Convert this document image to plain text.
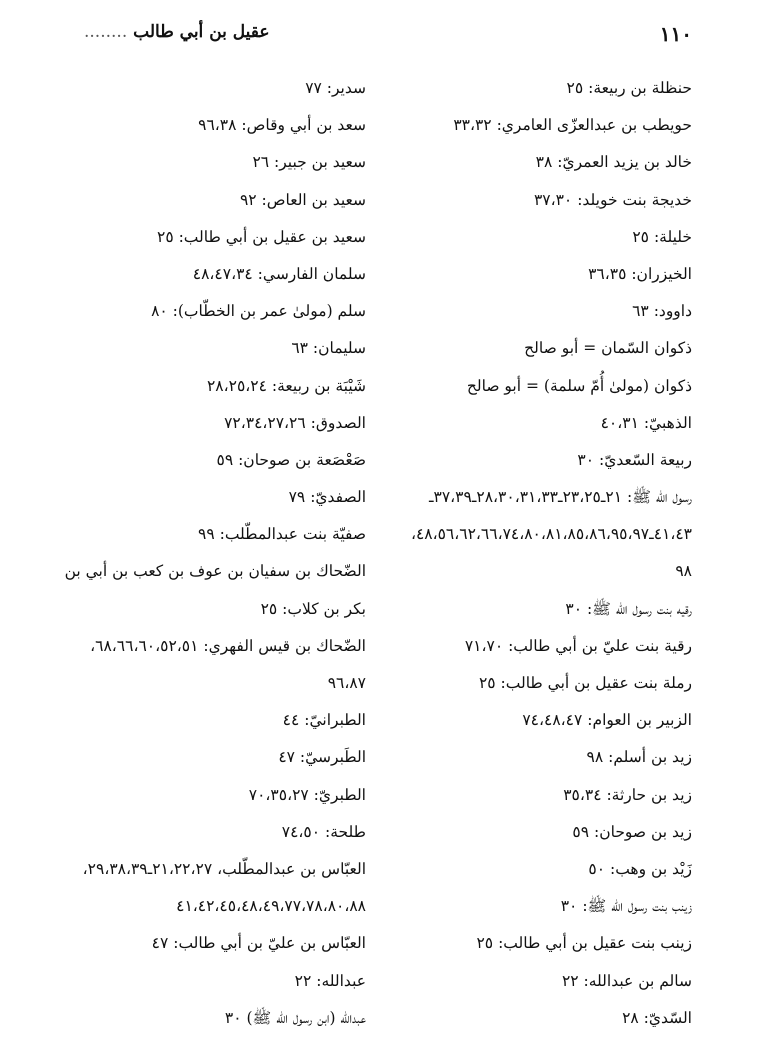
١١٠
عقيل بن أبي طالب ........
حنظلة بن ربيعة: ٢٥
حويطب بن عبدالعزّى العامري: ٣٣،٣٢
خالد بن يزيد العمريّ: ٣٨
خديجة بنت خويلد: ٣٧،٣٠
خليلة: ٢٥
الخيزران: ٣٦،٣٥
داوود: ٦٣
ذكوان السّمان = أبو صالح
ذكوان (مولىٰ أُمّ سلمة) = أبو صالح
الذهبيّ: ٤٠،٣١
ربيعة السّعديّ: ٣٠
رسول الله ﷺ: ٢١ـ٢٣،٢٥ـ٢٨،٣٠،٣١،٣٣ـ٣٧،٣٩ـ
٤١،٤٣ـ٤٨،٥٦،٦٢،٦٦،٧٤،٨٠،٨١،٨٥،٨٦،٩٥،٩٧،
٩٨
رقيه بنت رسول الله ﷺ: ٣٠
رقية بنت عليّ بن أبي طالب: ٧١،٧٠
رملة بنت عقيل بن أبي طالب: ٢٥
الزبير بن العوام: ٧٤،٤٨،٤٧
زيد بن أسلم: ٩٨
زيد بن حارثة: ٣٥،٣٤
زيد بن صوحان: ٥٩
زَيْد بن وهب: ٥٠
زينب بنت رسول الله ﷺ: ٣٠
زينب بنت عقيل بن أبي طالب: ٢٥
سالم بن عبدالله: ٢٢
السّديّ: ٢٨
سدير: ٧٧
سعد بن أبي وقاص: ٩٦،٣٨
سعيد بن جبير: ٢٦
سعيد بن العاص: ٩٢
سعيد بن عقيل بن أبي طالب: ٢٥
سلمان الفارسي: ٤٨،٤٧،٣٤
سلم (مولىٰ عمر بن الخطّاب): ٨٠
سليمان: ٦٣
شَيْبَة بن ربيعة: ٢٨،٢٥،٢٤
الصدوق: ٧٢،٣٤،٢٧،٢٦
صَعْصَعة بن صوحان: ٥٩
الصفديّ: ٧٩
صفيّة بنت عبدالمطّلب: ٩٩
الضّحاك بن سفيان بن عوف بن كعب بن أبي بن
بكر بن كلاب: ٢٥
الضّحاك بن قيس الفهري: ٦٨،٦٦،٦٠،٥٢،٥١،
٩٦،٨٧
الطبرانيّ: ٤٤
الطَبرسيّ: ٤٧
الطبريّ: ٧٠،٣٥،٢٧
طلحة: ٧٤،٥٠
العبّاس بن عبدالمطّلب، ٢١،٢٢،٢٧ـ٢٩،٣٨،٣٩،
٤١،٤٢،٤٥،٤٨،٤٩،٧٧،٧٨،٨٠،٨٨
العبّاس بن عليّ بن أبي طالب: ٤٧
عبدالله: ٢٢
عبدالله (ابن رسول الله ﷺ) ٣٠
